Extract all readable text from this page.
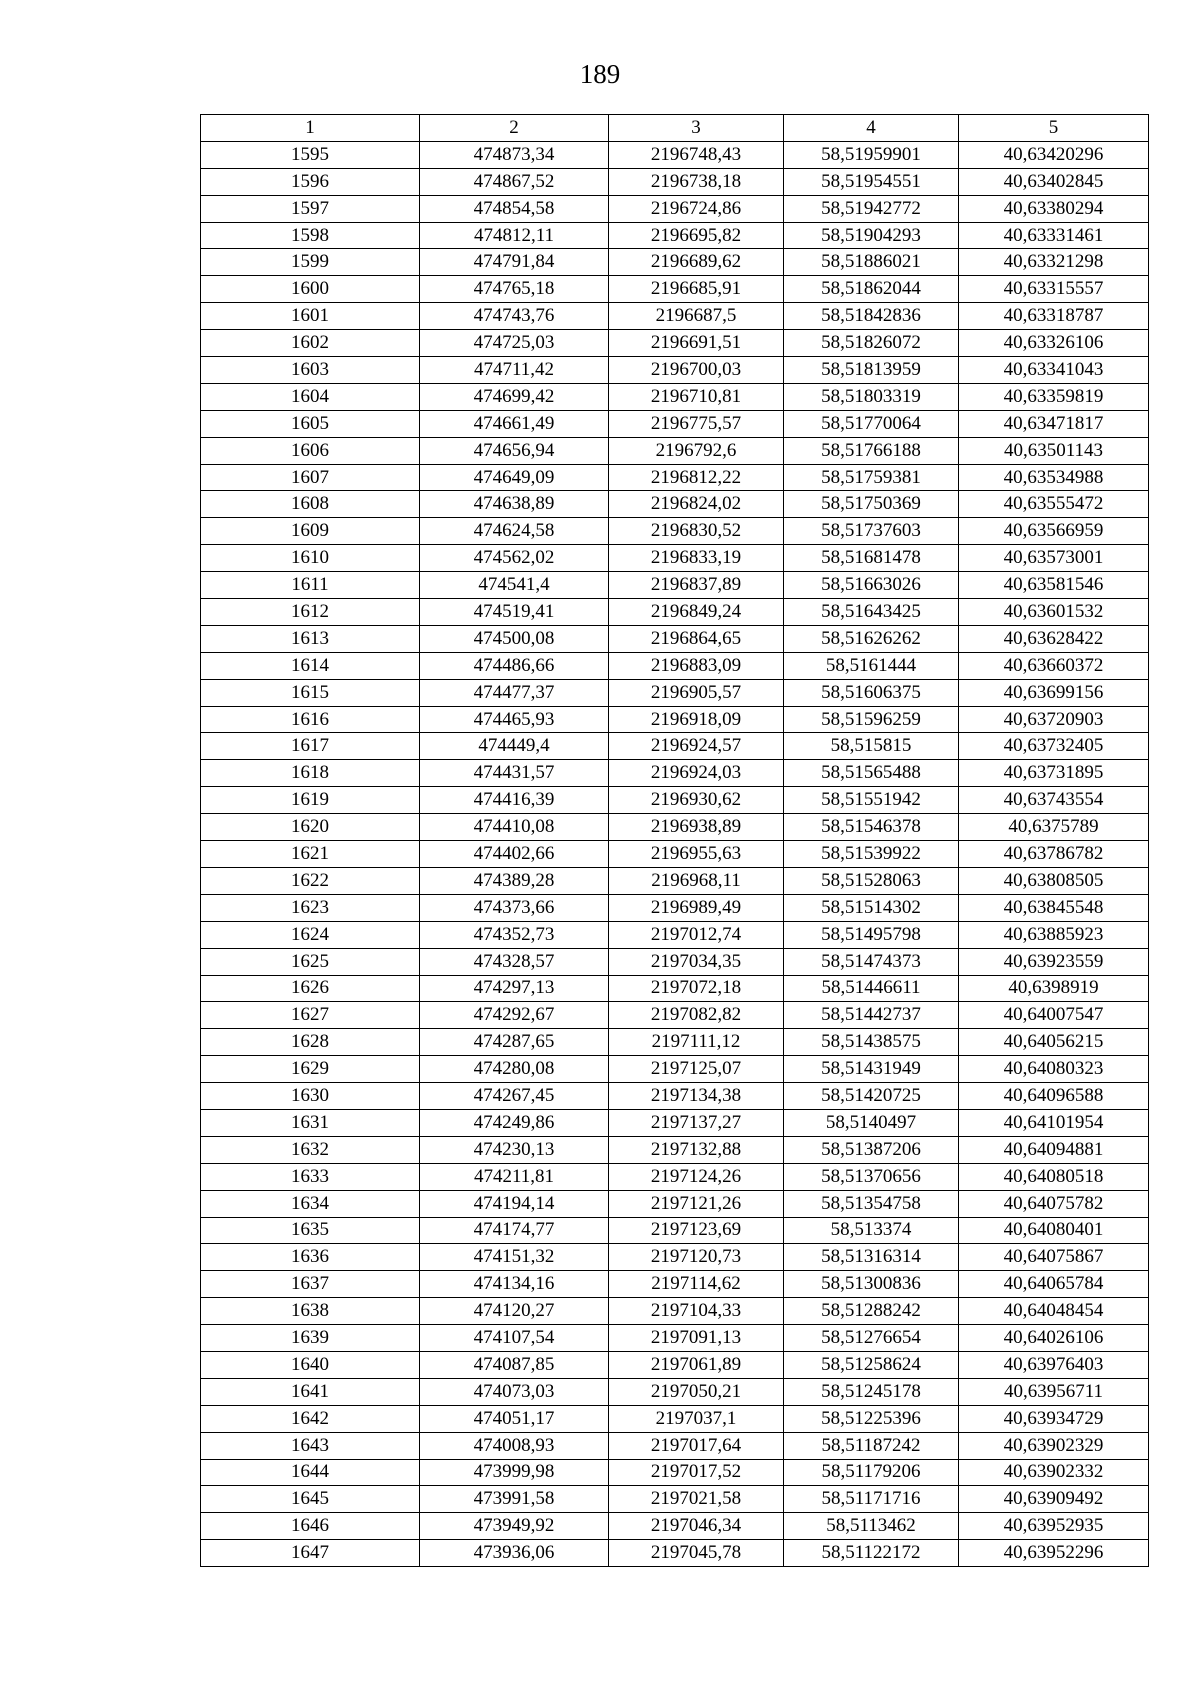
189
1	2	3	4	5
1595	474873,34	2196748,43	58,51959901	40,63420296
1596	474867,52	2196738,18	58,51954551	40,63402845
1597	474854,58	2196724,86	58,51942772	40,63380294
1598	474812,11	2196695,82	58,51904293	40,63331461
1599	474791,84	2196689,62	58,51886021	40,63321298
1600	474765,18	2196685,91	58,51862044	40,63315557
1601	474743,76	2196687,5	58,51842836	40,63318787
1602	474725,03	2196691,51	58,51826072	40,63326106
1603	474711,42	2196700,03	58,51813959	40,63341043
1604	474699,42	2196710,81	58,51803319	40,63359819
1605	474661,49	2196775,57	58,51770064	40,63471817
1606	474656,94	2196792,6	58,51766188	40,63501143
1607	474649,09	2196812,22	58,51759381	40,63534988
1608	474638,89	2196824,02	58,51750369	40,63555472
1609	474624,58	2196830,52	58,51737603	40,63566959
1610	474562,02	2196833,19	58,51681478	40,63573001
1611	474541,4	2196837,89	58,51663026	40,63581546
1612	474519,41	2196849,24	58,51643425	40,63601532
1613	474500,08	2196864,65	58,51626262	40,63628422
1614	474486,66	2196883,09	58,5161444	40,63660372
1615	474477,37	2196905,57	58,51606375	40,63699156
1616	474465,93	2196918,09	58,51596259	40,63720903
1617	474449,4	2196924,57	58,515815	40,63732405
1618	474431,57	2196924,03	58,51565488	40,63731895
1619	474416,39	2196930,62	58,51551942	40,63743554
1620	474410,08	2196938,89	58,51546378	40,6375789
1621	474402,66	2196955,63	58,51539922	40,63786782
1622	474389,28	2196968,11	58,51528063	40,63808505
1623	474373,66	2196989,49	58,51514302	40,63845548
1624	474352,73	2197012,74	58,51495798	40,63885923
1625	474328,57	2197034,35	58,51474373	40,63923559
1626	474297,13	2197072,18	58,51446611	40,6398919
1627	474292,67	2197082,82	58,51442737	40,64007547
1628	474287,65	2197111,12	58,51438575	40,64056215
1629	474280,08	2197125,07	58,51431949	40,64080323
1630	474267,45	2197134,38	58,51420725	40,64096588
1631	474249,86	2197137,27	58,5140497	40,64101954
1632	474230,13	2197132,88	58,51387206	40,64094881
1633	474211,81	2197124,26	58,51370656	40,64080518
1634	474194,14	2197121,26	58,51354758	40,64075782
1635	474174,77	2197123,69	58,513374	40,64080401
1636	474151,32	2197120,73	58,51316314	40,64075867
1637	474134,16	2197114,62	58,51300836	40,64065784
1638	474120,27	2197104,33	58,51288242	40,64048454
1639	474107,54	2197091,13	58,51276654	40,64026106
1640	474087,85	2197061,89	58,51258624	40,63976403
1641	474073,03	2197050,21	58,51245178	40,63956711
1642	474051,17	2197037,1	58,51225396	40,63934729
1643	474008,93	2197017,64	58,51187242	40,63902329
1644	473999,98	2197017,52	58,51179206	40,63902332
1645	473991,58	2197021,58	58,51171716	40,63909492
1646	473949,92	2197046,34	58,5113462	40,63952935
1647	473936,06	2197045,78	58,51122172	40,63952296
